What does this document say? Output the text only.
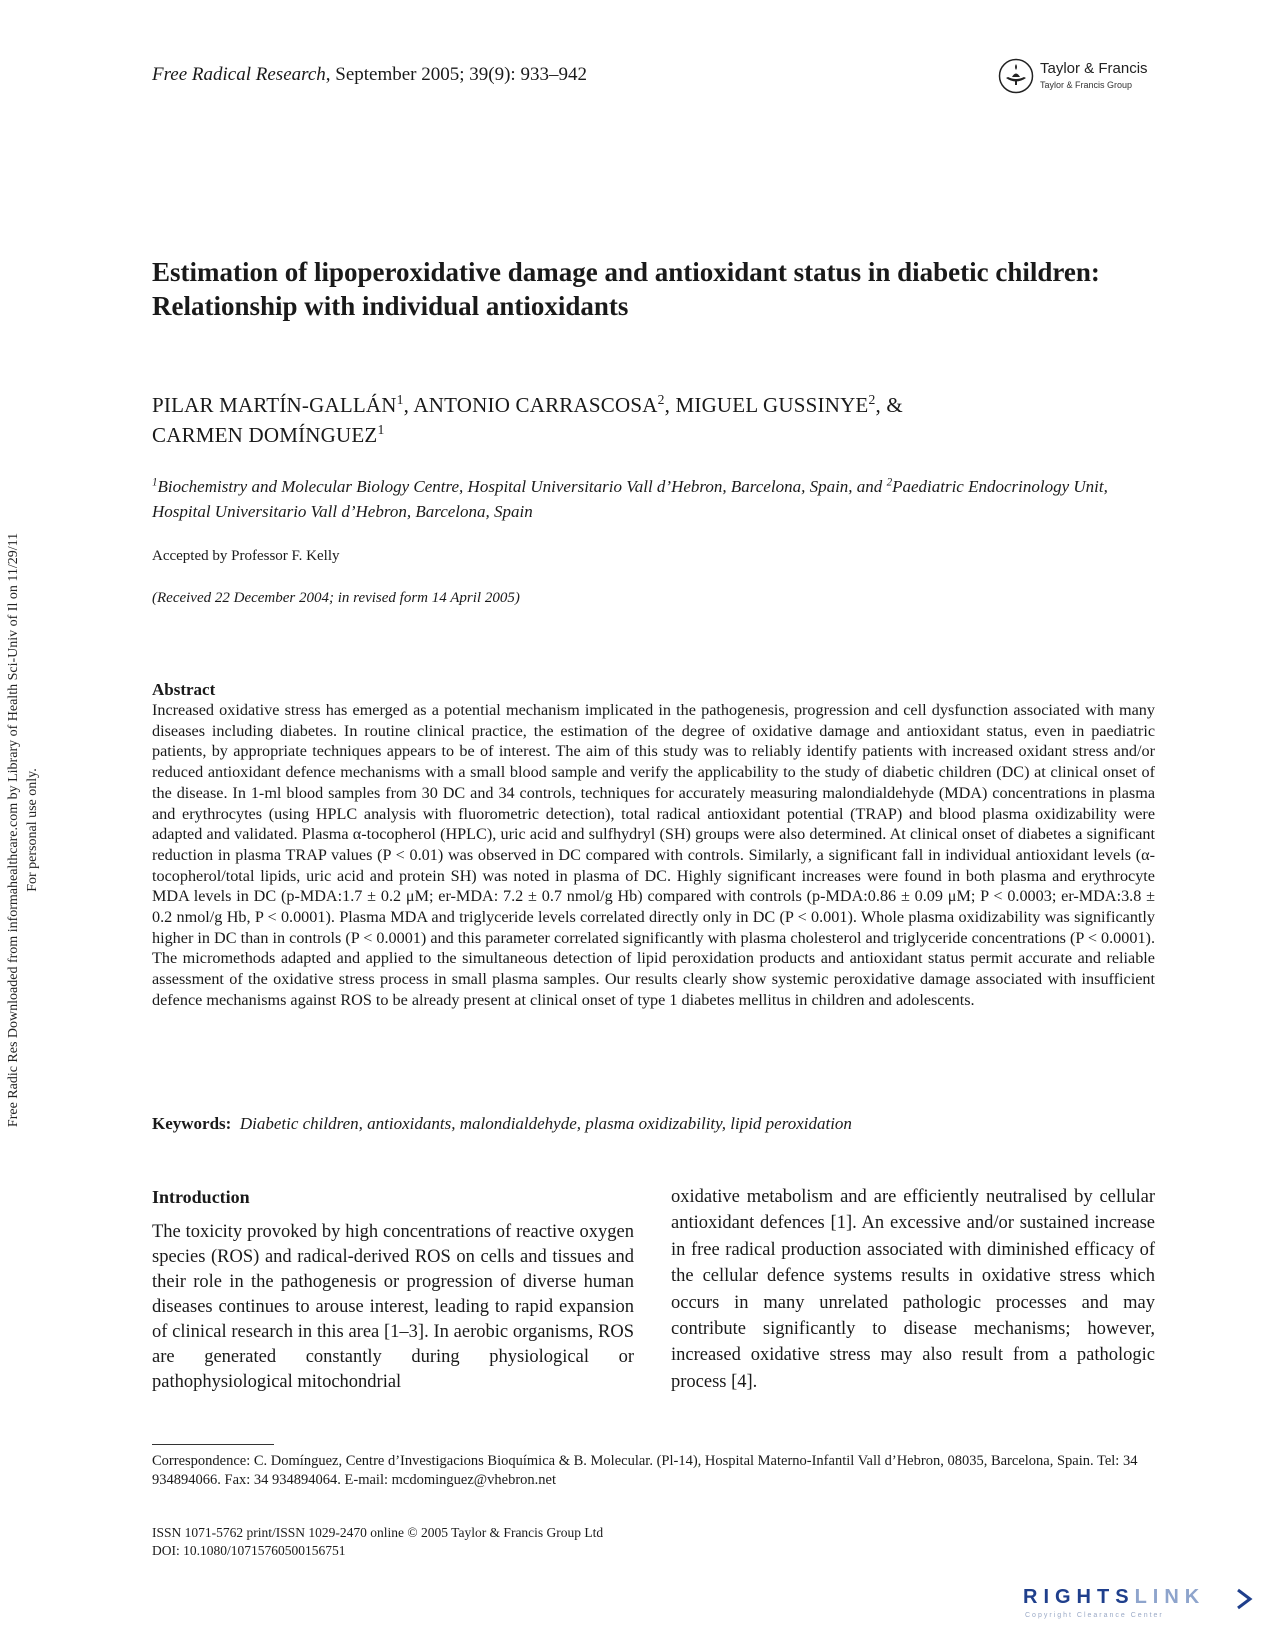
Free Radical Research, September 2005; 39(9): 933–942	Taylor & Francis
Taylor & Francis Group
Free Radic Res Downloaded from informahealthcare.com by Library of Health Sci-Univ of Il on 11/29/11 For personal use only.
Estimation of lipoperoxidative damage and antioxidant status in diabetic children: Relationship with individual antioxidants
PILAR MARTÍN-GALLÁN$^1$, ANTONIO CARRASCOSA$^2$, MIGUEL GUSSINYE$^2$, &
CARMEN DOMÍNGUEZ$^1$
$^1$Biochemistry and Molecular Biology Centre, Hospital Universitario Vall d’Hebron, Barcelona, Spain, and $^2$Paediatric Endocrinology Unit, Hospital Universitario Vall d’Hebron, Barcelona, Spain
Accepted by Professor F. Kelly
(Received 22 December 2004; in revised form 14 April 2005)
Abstract
Increased oxidative stress has emerged as a potential mechanism implicated in the pathogenesis, progression and cell dysfunction associated with many diseases including diabetes. In routine clinical practice, the estimation of the degree of oxidative damage and antioxidant status, even in paediatric patients, by appropriate techniques appears to be of interest. The aim of this study was to reliably identify patients with increased oxidant stress and/or reduced antioxidant defence mechanisms with a small blood sample and verify the applicability to the study of diabetic children (DC) at clinical onset of the disease. In 1-ml blood samples from 30 DC and 34 controls, techniques for accurately measuring malondialdehyde (MDA) concentrations in plasma and erythrocytes (using HPLC analysis with fluorometric detection), total radical antioxidant potential (TRAP) and blood plasma oxidizability were adapted and validated. Plasma α-tocopherol (HPLC), uric acid and sulfhydryl (SH) groups were also determined. At clinical onset of diabetes a significant reduction in plasma TRAP values (P < 0.01) was observed in DC compared with controls. Similarly, a significant fall in individual antioxidant levels (α-tocopherol/total lipids, uric acid and protein SH) was noted in plasma of DC. Highly significant increases were found in both plasma and erythrocyte MDA levels in DC (p-MDA:1.7 ± 0.2 μM; er-MDA: 7.2 ± 0.7 nmol/g Hb) compared with controls (p-MDA:0.86 ± 0.09 μM; P < 0.0003; er-MDA:3.8 ± 0.2 nmol/g Hb, P < 0.0001). Plasma MDA and triglyceride levels correlated directly only in DC (P < 0.001). Whole plasma oxidizability was significantly higher in DC than in controls (P < 0.0001) and this parameter correlated significantly with plasma cholesterol and triglyceride concentrations (P < 0.0001). The micromethods adapted and applied to the simultaneous detection of lipid peroxidation products and antioxidant status permit accurate and reliable assessment of the oxidative stress process in small plasma samples. Our results clearly show systemic peroxidative damage associated with insufficient defence mechanisms against ROS to be already present at clinical onset of type 1 diabetes mellitus in children and adolescents.
Keywords: Diabetic children, antioxidants, malondialdehyde, plasma oxidizability, lipid peroxidation
Introduction
The toxicity provoked by high concentrations of reactive oxygen species (ROS) and radical-derived ROS on cells and tissues and their role in the pathogenesis or progression of diverse human diseases continues to arouse interest, leading to rapid expansion of clinical research in this area [1–3]. In aerobic organisms, ROS are generated constantly during physiological or pathophysiological mitochondrial
oxidative metabolism and are efficiently neutralised by cellular antioxidant defences [1]. An excessive and/or sustained increase in free radical production associated with diminished efficacy of the cellular defence systems results in oxidative stress which occurs in many unrelated pathologic processes and may contribute significantly to disease mechanisms; however, increased oxidative stress may also result from a pathologic process [4].
Correspondence: C. Domínguez, Centre d’Investigacions Bioquímica & B. Molecular. (Pl-14), Hospital Materno-Infantil Vall d’Hebron, 08035, Barcelona, Spain. Tel: 34 934894066. Fax: 34 934894064. E-mail: mcdominguez@vhebron.net
ISSN 1071-5762 print/ISSN 1029-2470 online © 2005 Taylor & Francis Group Ltd
DOI: 10.1080/10715760500156751
RIGHTSLINK
Copyright Clearance Center
